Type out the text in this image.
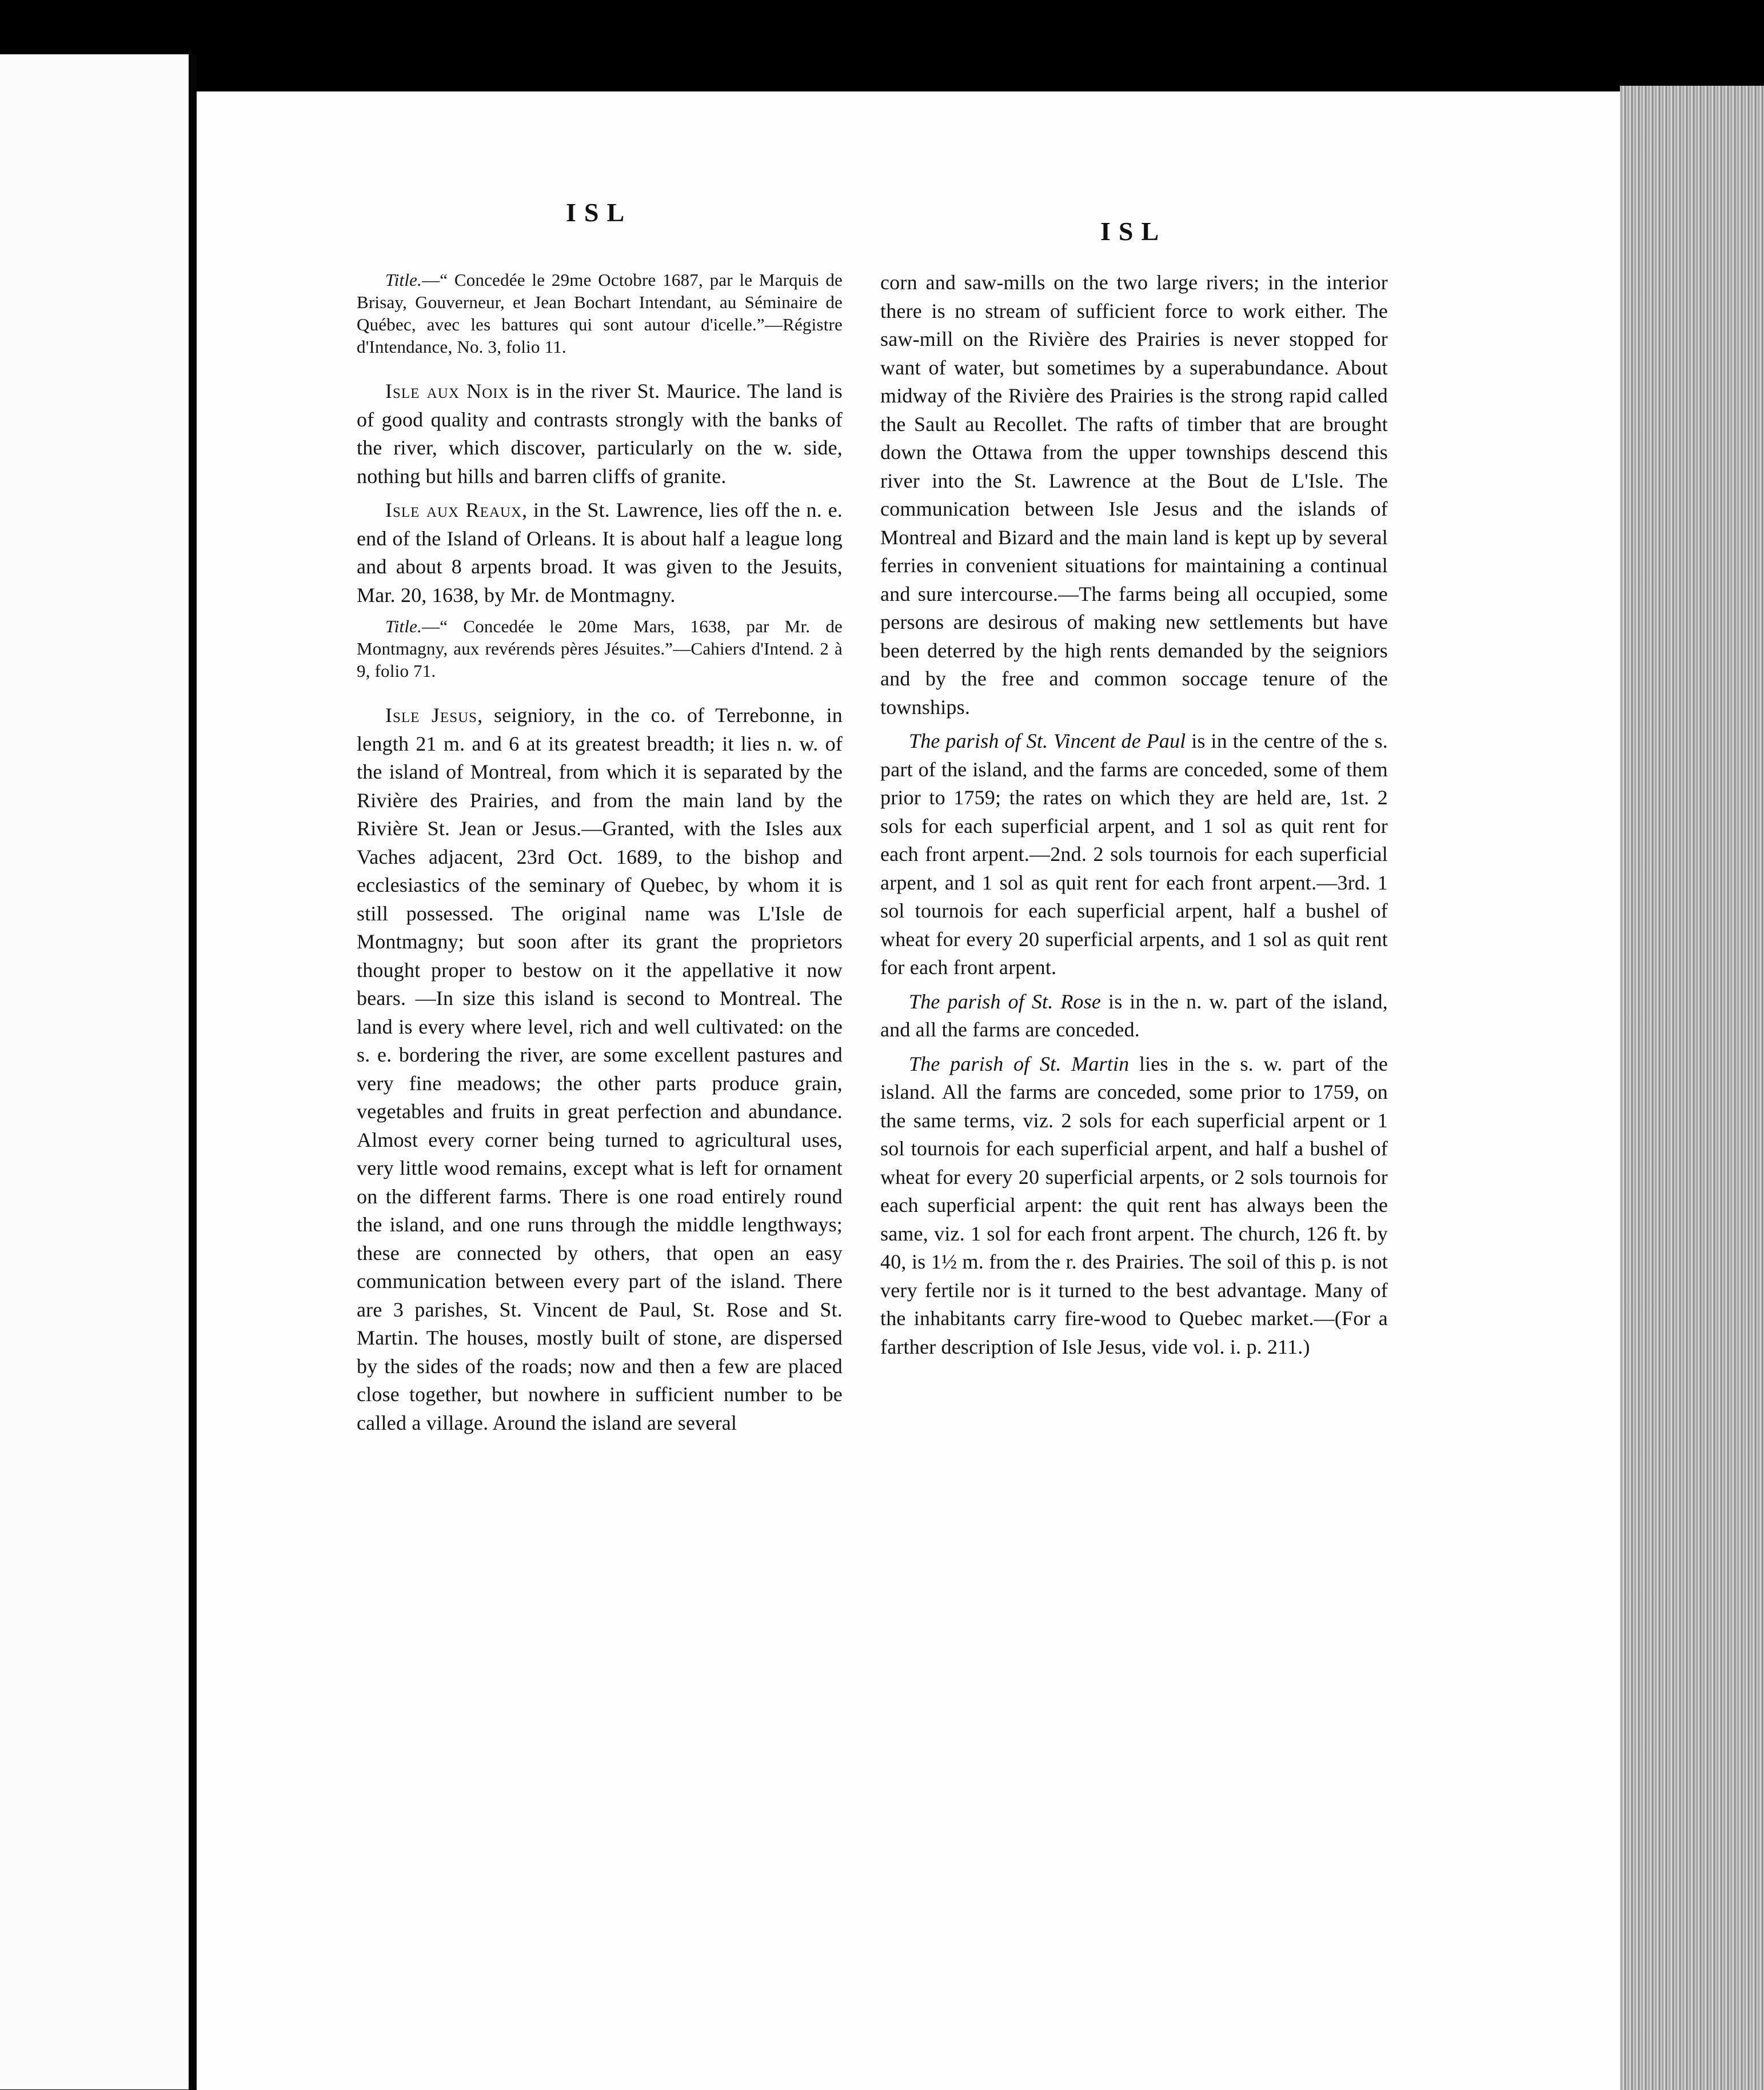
ISL
ISL

Title.—“ Concedée le 29me Octobre 1687, par le Marquis de Brisay, Gouverneur, et Jean Bochart Intendant, au Séminaire de Québec, avec les battures qui sont autour d'icelle.”—Régistre d'Intendance, No. 3, folio 11.

Isle aux Noix is in the river St. Maurice. The land is of good quality and contrasts strongly with the banks of the river, which discover, particularly on the w. side, nothing but hills and barren cliffs of granite.

Isle aux Reaux, in the St. Lawrence, lies off the n. e. end of the Island of Orleans. It is about half a league long and about 8 arpents broad. It was given to the Jesuits, Mar. 20, 1638, by Mr. de Montmagny.

Title.—“ Concedée le 20me Mars, 1638, par Mr. de Montmagny, aux revérends pères Jésuites.”—Cahiers d'Intend. 2 à 9, folio 71.

Isle Jesus, seigniory, in the co. of Terrebonne, in length 21 m. and 6 at its greatest breadth; it lies n. w. of the island of Montreal, from which it is separated by the Rivière des Prairies, and from the main land by the Rivière St. Jean or Jesus.—Granted, with the Isles aux Vaches adjacent, 23rd Oct. 1689, to the bishop and ecclesiastics of the seminary of Quebec, by whom it is still possessed. The original name was L'Isle de Montmagny; but soon after its grant the proprietors thought proper to bestow on it the appellative it now bears. —In size this island is second to Montreal. The land is every where level, rich and well cultivated: on the s. e. bordering the river, are some excellent pastures and very fine meadows; the other parts produce grain, vegetables and fruits in great perfection and abundance. Almost every corner being turned to agricultural uses, very little wood remains, except what is left for ornament on the different farms. There is one road entirely round the island, and one runs through the middle lengthways; these are connected by others, that open an easy communication between every part of the island. There are 3 parishes, St. Vincent de Paul, St. Rose and St. Martin. The houses, mostly built of stone, are dispersed by the sides of the roads; now and then a few are placed close together, but nowhere in sufficient number to be called a village. Around the island are several

corn and saw-mills on the two large rivers; in the interior there is no stream of sufficient force to work either. The saw-mill on the Rivière des Prairies is never stopped for want of water, but sometimes by a superabundance. About midway of the Rivière des Prairies is the strong rapid called the Sault au Recollet. The rafts of timber that are brought down the Ottawa from the upper townships descend this river into the St. Lawrence at the Bout de L'Isle. The communication between Isle Jesus and the islands of Montreal and Bizard and the main land is kept up by several ferries in convenient situations for maintaining a continual and sure intercourse.—The farms being all occupied, some persons are desirous of making new settlements but have been deterred by the high rents demanded by the seigniors and by the free and common soccage tenure of the townships.

The parish of St. Vincent de Paul is in the centre of the s. part of the island, and the farms are conceded, some of them prior to 1759; the rates on which they are held are, 1st. 2 sols for each superficial arpent, and 1 sol as quit rent for each front arpent.—2nd. 2 sols tournois for each superficial arpent, and 1 sol as quit rent for each front arpent.—3rd. 1 sol tournois for each superficial arpent, half a bushel of wheat for every 20 superficial arpents, and 1 sol as quit rent for each front arpent.

The parish of St. Rose is in the n. w. part of the island, and all the farms are conceded.

The parish of St. Martin lies in the s. w. part of the island. All the farms are conceded, some prior to 1759, on the same terms, viz. 2 sols for each superficial arpent or 1 sol tournois for each superficial arpent, and half a bushel of wheat for every 20 superficial arpents, or 2 sols tournois for each superficial arpent: the quit rent has always been the same, viz. 1 sol for each front arpent. The church, 126 ft. by 40, is 1½ m. from the r. des Prairies. The soil of this p. is not very fertile nor is it turned to the best advantage. Many of the inhabitants carry fire-wood to Quebec market.—(For a farther description of Isle Jesus, vide vol. i. p. 211.)
